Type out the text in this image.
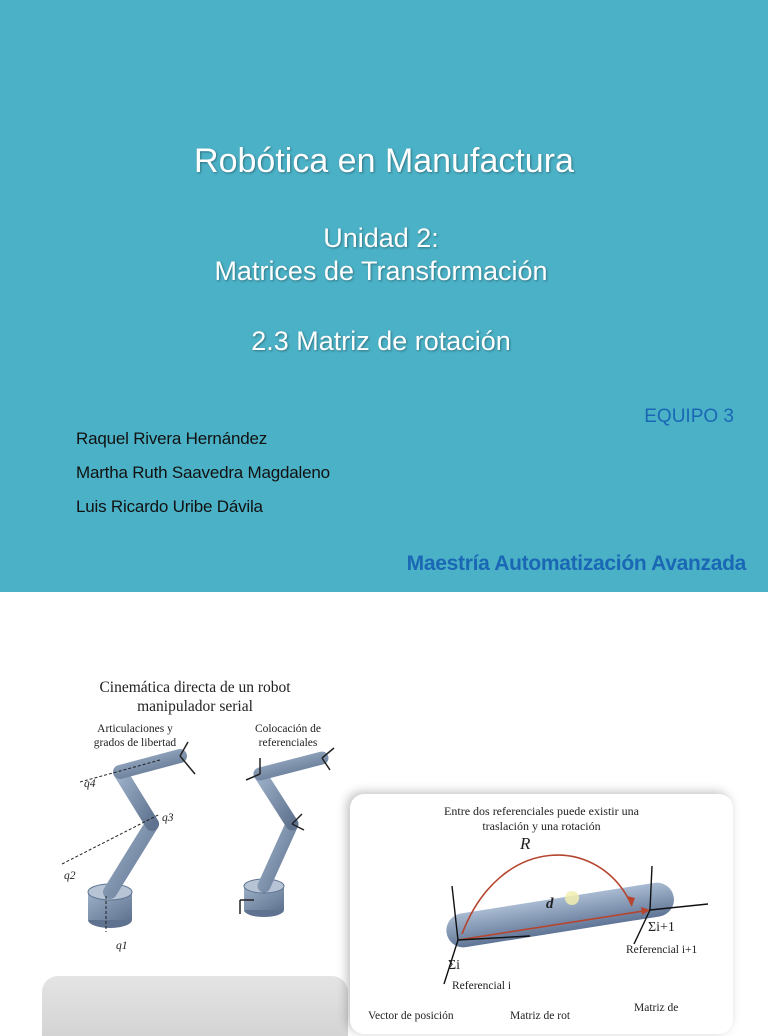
Robótica en Manufactura
Unidad 2:
Matrices de Transformación
2.3 Matriz de rotación
EQUIPO 3
Raquel Rivera Hernández
Martha Ruth Saavedra Magdaleno
Luis Ricardo Uribe Dávila
Maestría Automatización Avanzada
Cinemática directa de un robot
manipulador serial
Articulaciones y
grados de libertad
Colocación de
referenciales
q4
q3
q2
q1
Entre dos referenciales puede existir una
traslación y una rotación
R
d
Σi
Σi+1
Referencial i+1
Referencial i
Matriz de
Vector de posición	Matriz de rot
